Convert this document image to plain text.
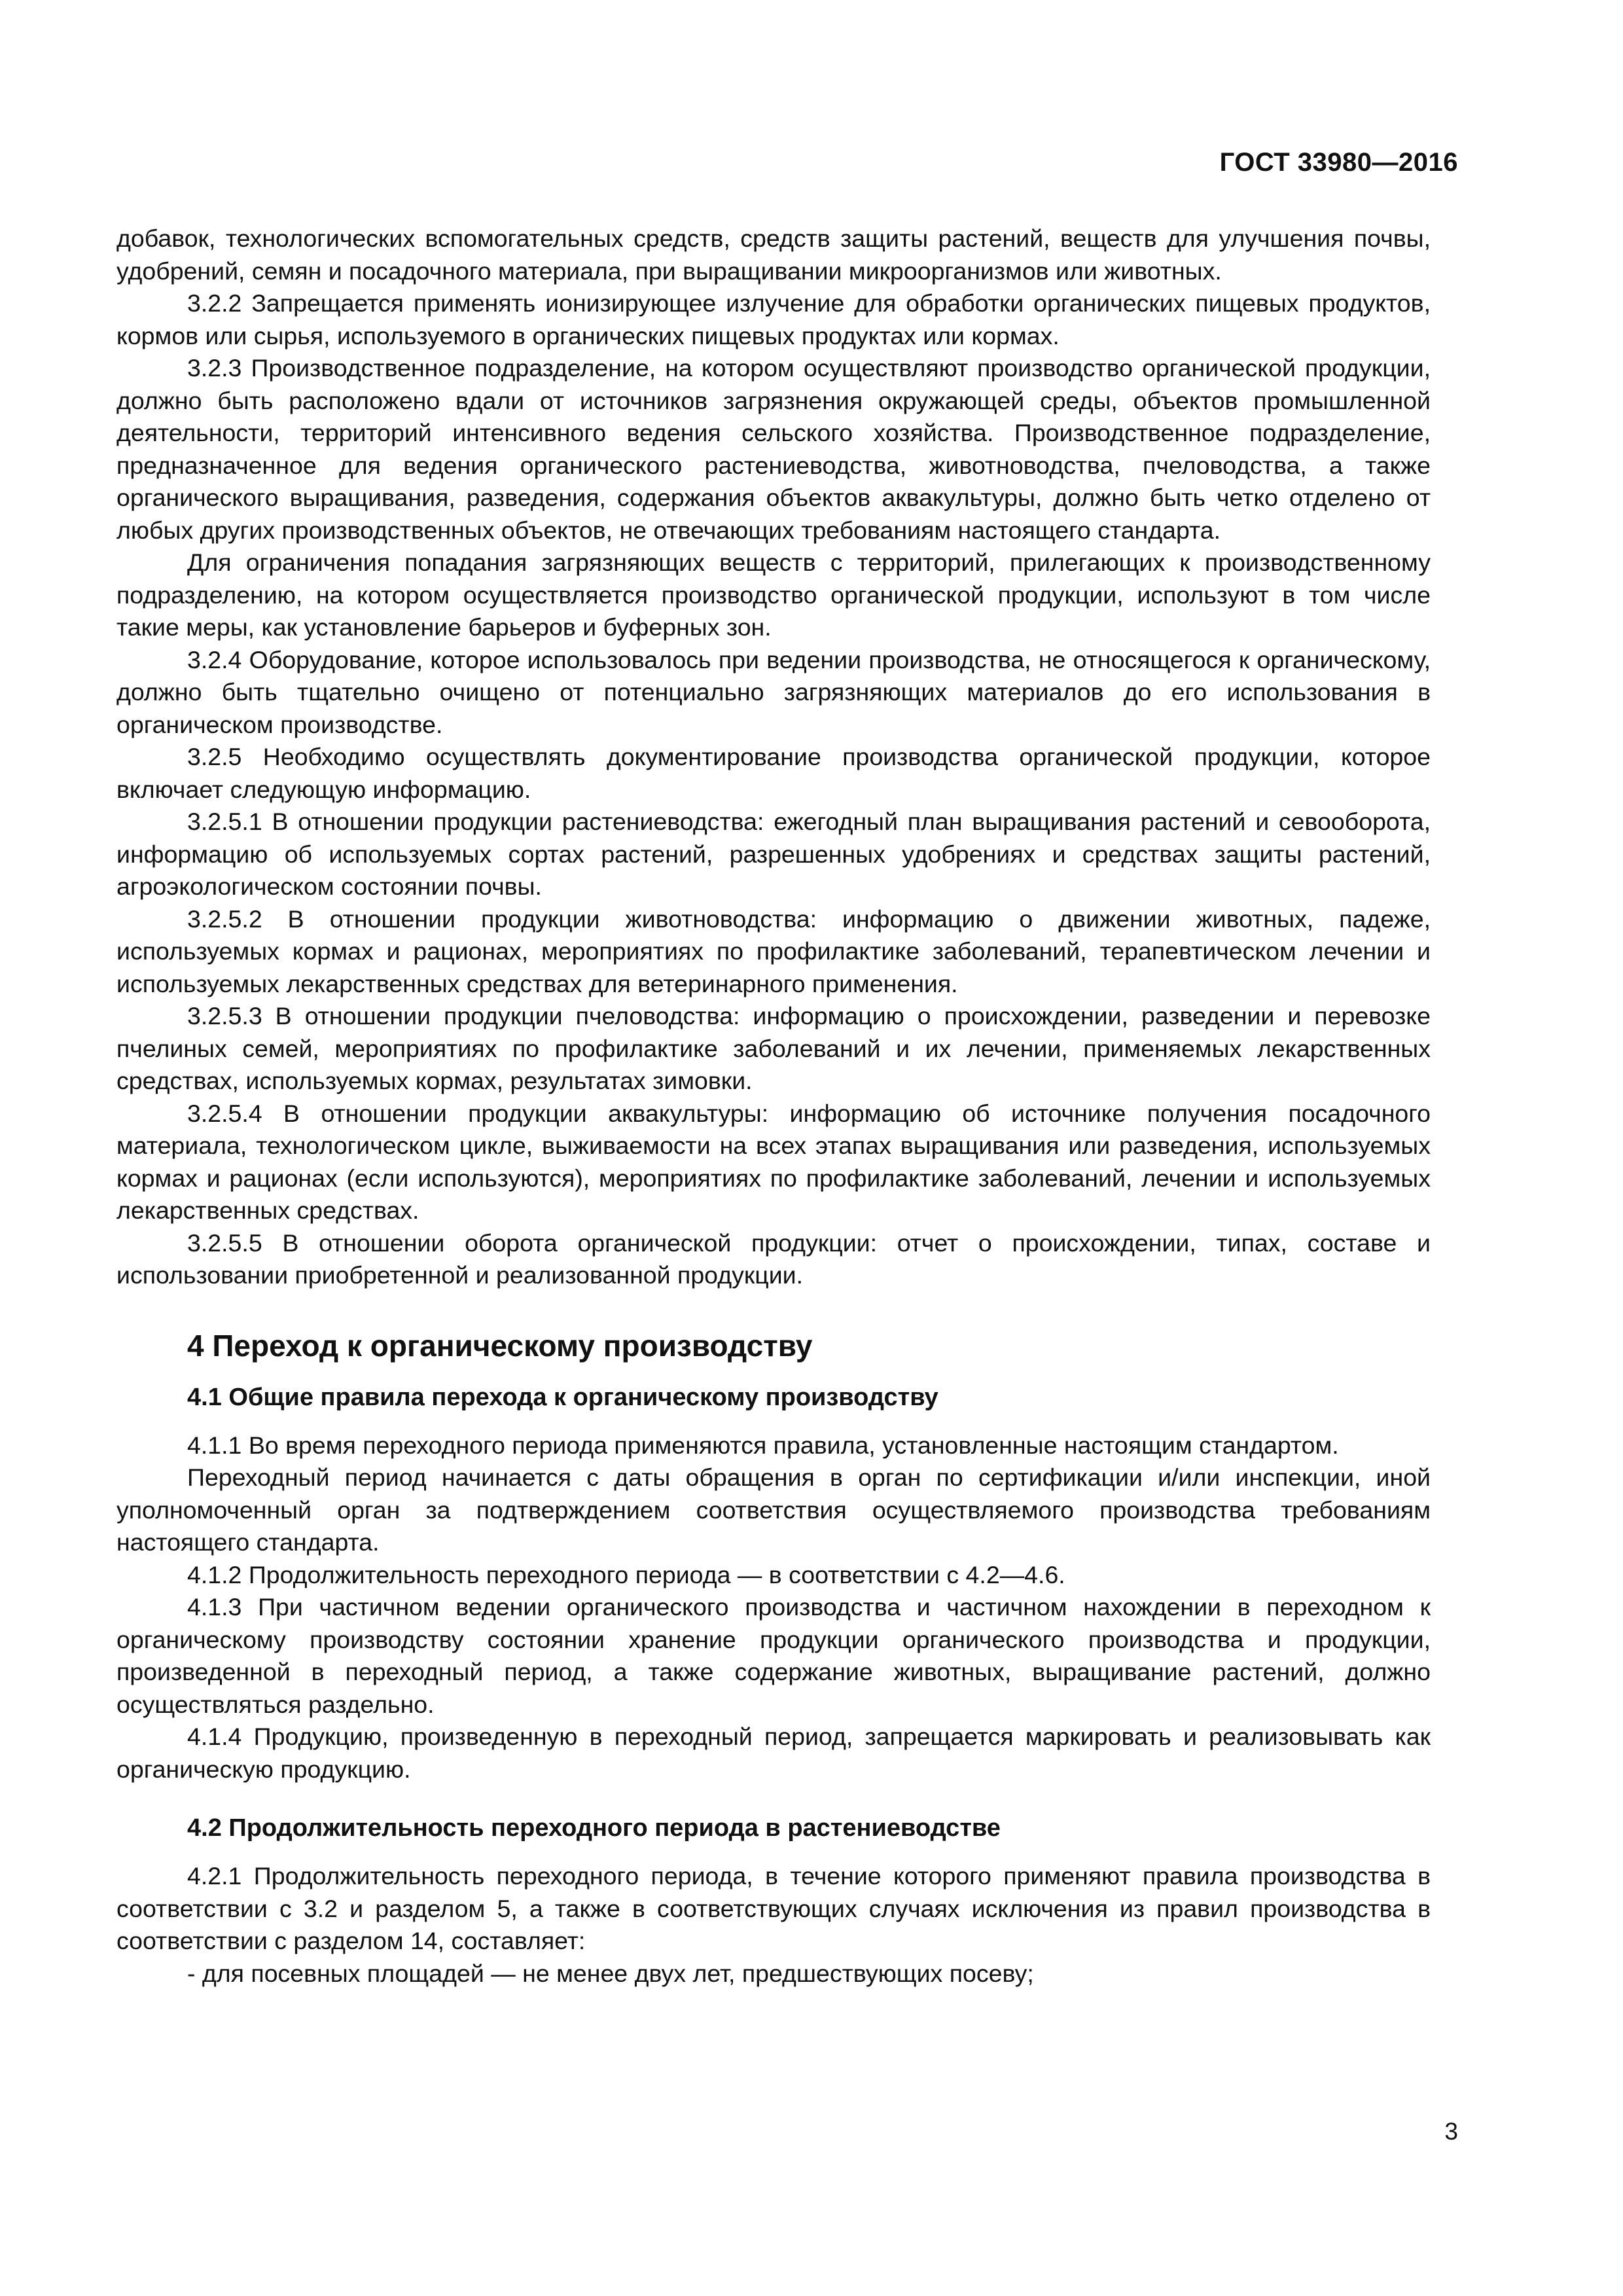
ГОСТ 33980—2016

добавок, технологических вспомогательных средств, средств защиты растений, веществ для улучшения почвы, удобрений, семян и посадочного материала, при выращивании микроорганизмов или животных.

3.2.2 Запрещается применять ионизирующее излучение для обработки органических пищевых продуктов, кормов или сырья, используемого в органических пищевых продуктах или кормах.

3.2.3 Производственное подразделение, на котором осуществляют производство органической продукции, должно быть расположено вдали от источников загрязнения окружающей среды, объектов промышленной деятельности, территорий интенсивного ведения сельского хозяйства. Производственное подразделение, предназначенное для ведения органического растениеводства, животноводства, пчеловодства, а также органического выращивания, разведения, содержания объектов аквакультуры, должно быть четко отделено от любых других производственных объектов, не отвечающих требованиям настоящего стандарта.

Для ограничения попадания загрязняющих веществ с территорий, прилегающих к производственному подразделению, на котором осуществляется производство органической продукции, используют в том числе такие меры, как установление барьеров и буферных зон.

3.2.4 Оборудование, которое использовалось при ведении производства, не относящегося к органическому, должно быть тщательно очищено от потенциально загрязняющих материалов до его использования в органическом производстве.

3.2.5 Необходимо осуществлять документирование производства органической продукции, которое включает следующую информацию.

3.2.5.1 В отношении продукции растениеводства: ежегодный план выращивания растений и севооборота, информацию об используемых сортах растений, разрешенных удобрениях и средствах защиты растений, агроэкологическом состоянии почвы.

3.2.5.2 В отношении продукции животноводства: информацию о движении животных, падеже, используемых кормах и рационах, мероприятиях по профилактике заболеваний, терапевтическом лечении и используемых лекарственных средствах для ветеринарного применения.

3.2.5.3 В отношении продукции пчеловодства: информацию о происхождении, разведении и перевозке пчелиных семей, мероприятиях по профилактике заболеваний и их лечении, применяемых лекарственных средствах, используемых кормах, результатах зимовки.

3.2.5.4 В отношении продукции аквакультуры: информацию об источнике получения посадочного материала, технологическом цикле, выживаемости на всех этапах выращивания или разведения, используемых кормах и рационах (если используются), мероприятиях по профилактике заболеваний, лечении и используемых лекарственных средствах.

3.2.5.5 В отношении оборота органической продукции: отчет о происхождении, типах, составе и использовании приобретенной и реализованной продукции.

4 Переход к органическому производству
4.1 Общие правила перехода к органическому производству

4.1.1 Во время переходного периода применяются правила, установленные настоящим стандартом.

Переходный период начинается с даты обращения в орган по сертификации и/или инспекции, иной уполномоченный орган за подтверждением соответствия осуществляемого производства требованиям настоящего стандарта.

4.1.2 Продолжительность переходного периода — в соответствии с 4.2—4.6.

4.1.3 При частичном ведении органического производства и частичном нахождении в переходном к органическому производству состоянии хранение продукции органического производства и продукции, произведенной в переходный период, а также содержание животных, выращивание растений, должно осуществляться раздельно.

4.1.4 Продукцию, произведенную в переходный период, запрещается маркировать и реализовывать как органическую продукцию.

4.2 Продолжительность переходного периода в растениеводстве

4.2.1 Продолжительность переходного периода, в течение которого применяют правила производства в соответствии с 3.2 и разделом 5, а также в соответствующих случаях исключения из правил производства в соответствии с разделом 14, составляет:

- для посевных площадей — не менее двух лет, предшествующих посеву;

3
